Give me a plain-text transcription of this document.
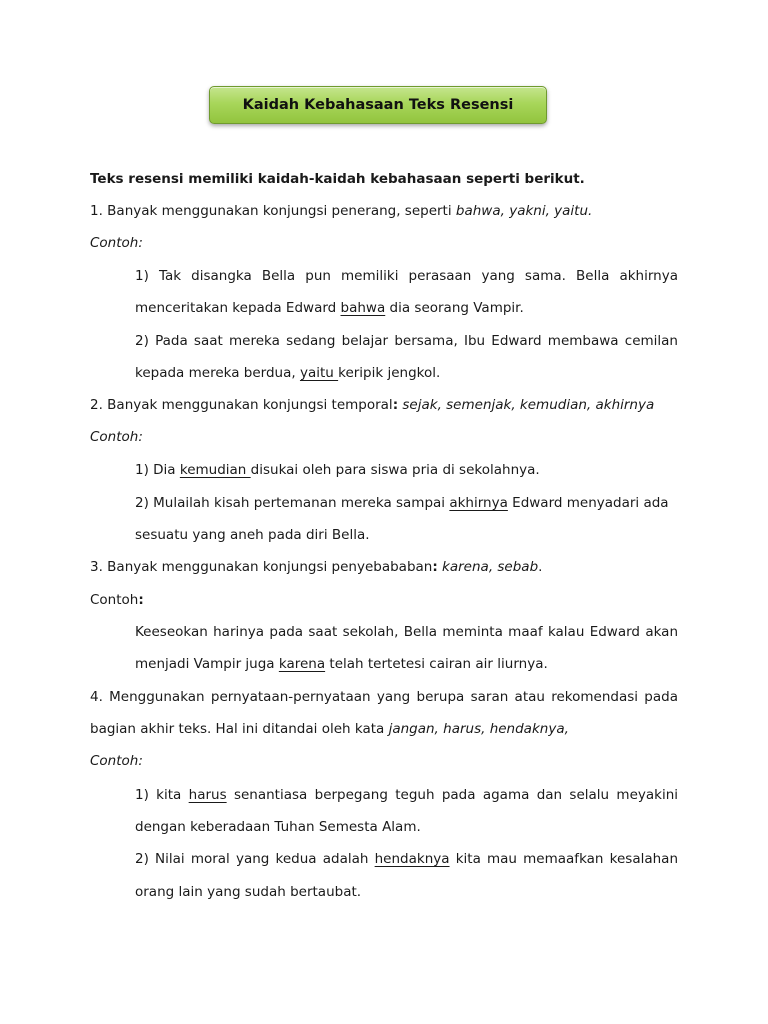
Kaidah Kebahasaan Teks Resensi
Teks resensi memiliki kaidah-kaidah kebahasaan seperti berikut.
1. Banyak menggunakan konjungsi penerang, seperti bahwa, yakni, yaitu.
Contoh:
1) Tak disangka Bella pun memiliki perasaan yang sama. Bella akhirnya
menceritakan kepada Edward bahwa dia seorang Vampir.
2) Pada saat mereka sedang belajar bersama, Ibu Edward membawa cemilan
kepada mereka berdua, yaitu keripik jengkol.
2. Banyak menggunakan konjungsi temporal: sejak, semenjak, kemudian, akhirnya
Contoh:
1) Dia kemudian disukai oleh para siswa pria di sekolahnya.
2) Mulailah kisah pertemanan mereka sampai akhirnya Edward menyadari ada
sesuatu yang aneh pada diri Bella.
3. Banyak menggunakan konjungsi penyebababan: karena, sebab.
Contoh:
Keeseokan harinya pada saat sekolah, Bella meminta maaf kalau Edward akan
menjadi Vampir juga karena telah tertetesi cairan air liurnya.
4. Menggunakan pernyataan-pernyataan yang berupa saran atau rekomendasi pada
bagian akhir teks. Hal ini ditandai oleh kata jangan, harus, hendaknya,
Contoh:
1) kita harus senantiasa berpegang teguh pada agama dan selalu meyakini
dengan keberadaan Tuhan Semesta Alam.
2) Nilai moral yang kedua adalah hendaknya kita mau memaafkan kesalahan
orang lain yang sudah bertaubat.
